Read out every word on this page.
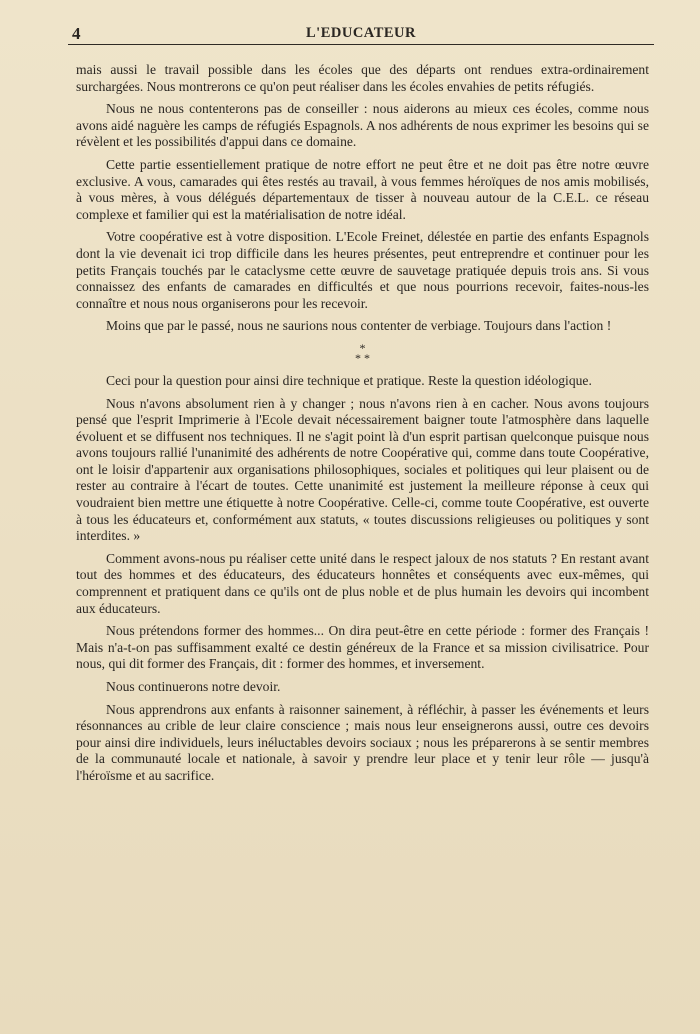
4	L'EDUCATEUR

mais aussi le travail possible dans les écoles que des départs ont rendues extra-ordinairement surchargées. Nous montrerons ce qu'on peut réaliser dans les écoles envahies de petits réfugiés.

Nous ne nous contenterons pas de conseiller : nous aiderons au mieux ces écoles, comme nous avons aidé naguère les camps de réfugiés Espagnols. A nos adhérents de nous exprimer les besoins qui se révèlent et les possibilités d'appui dans ce domaine.

Cette partie essentiellement pratique de notre effort ne peut être et ne doit pas être notre œuvre exclusive. A vous, camarades qui êtes restés au travail, à vous femmes héroïques de nos amis mobilisés, à vous mères, à vous délégués départementaux de tisser à nouveau autour de la C.E.L. ce réseau complexe et familier qui est la matérialisation de notre idéal.

Votre coopérative est à votre disposition. L'Ecole Freinet, délestée en partie des enfants Espagnols dont la vie devenait ici trop difficile dans les heures présentes, peut entreprendre et continuer pour les petits Français touchés par le cataclysme cette œuvre de sauvetage pratiquée depuis trois ans. Si vous connaissez des enfants de camarades en difficultés et que nous pourrions recevoir, faites-nous-les connaître et nous nous organiserons pour les recevoir.

Moins que par le passé, nous ne saurions nous contenter de verbiage. Toujours dans l'action !

*
* *

Ceci pour la question pour ainsi dire technique et pratique. Reste la question idéologique.

Nous n'avons absolument rien à y changer ; nous n'avons rien à en cacher. Nous avons toujours pensé que l'esprit Imprimerie à l'Ecole devait nécessairement baigner toute l'atmosphère dans laquelle évoluent et se diffusent nos techniques. Il ne s'agit point là d'un esprit partisan quelconque puisque nous avons toujours rallié l'unanimité des adhérents de notre Coopérative qui, comme dans toute Coopérative, ont le loisir d'appartenir aux organisations philosophiques, sociales et politiques qui leur plaisent ou de rester au contraire à l'écart de toutes. Cette unanimité est justement la meilleure réponse à ceux qui voudraient bien mettre une étiquette à notre Coopérative. Celle-ci, comme toute Coopérative, est ouverte à tous les éducateurs et, conformément aux statuts, « toutes discussions religieuses ou politiques y sont interdites. »

Comment avons-nous pu réaliser cette unité dans le respect jaloux de nos statuts ? En restant avant tout des hommes et des éducateurs, des éducateurs honnêtes et conséquents avec eux-mêmes, qui comprennent et pratiquent dans ce qu'ils ont de plus noble et de plus humain les devoirs qui incombent aux éducateurs.

Nous prétendons former des hommes... On dira peut-être en cette période : former des Français ! Mais n'a-t-on pas suffisamment exalté ce destin généreux de la France et sa mission civilisatrice. Pour nous, qui dit former des Français, dit : former des hommes, et inversement.

Nous continuerons notre devoir.

Nous apprendrons aux enfants à raisonner sainement, à réfléchir, à passer les événements et leurs résonnances au crible de leur claire conscience ; mais nous leur enseignerons aussi, outre ces devoirs pour ainsi dire individuels, leurs inéluctables devoirs sociaux ; nous les préparerons à se sentir membres de la communauté locale et nationale, à savoir y prendre leur place et y tenir leur rôle — jusqu'à l'héroïsme et au sacrifice.
